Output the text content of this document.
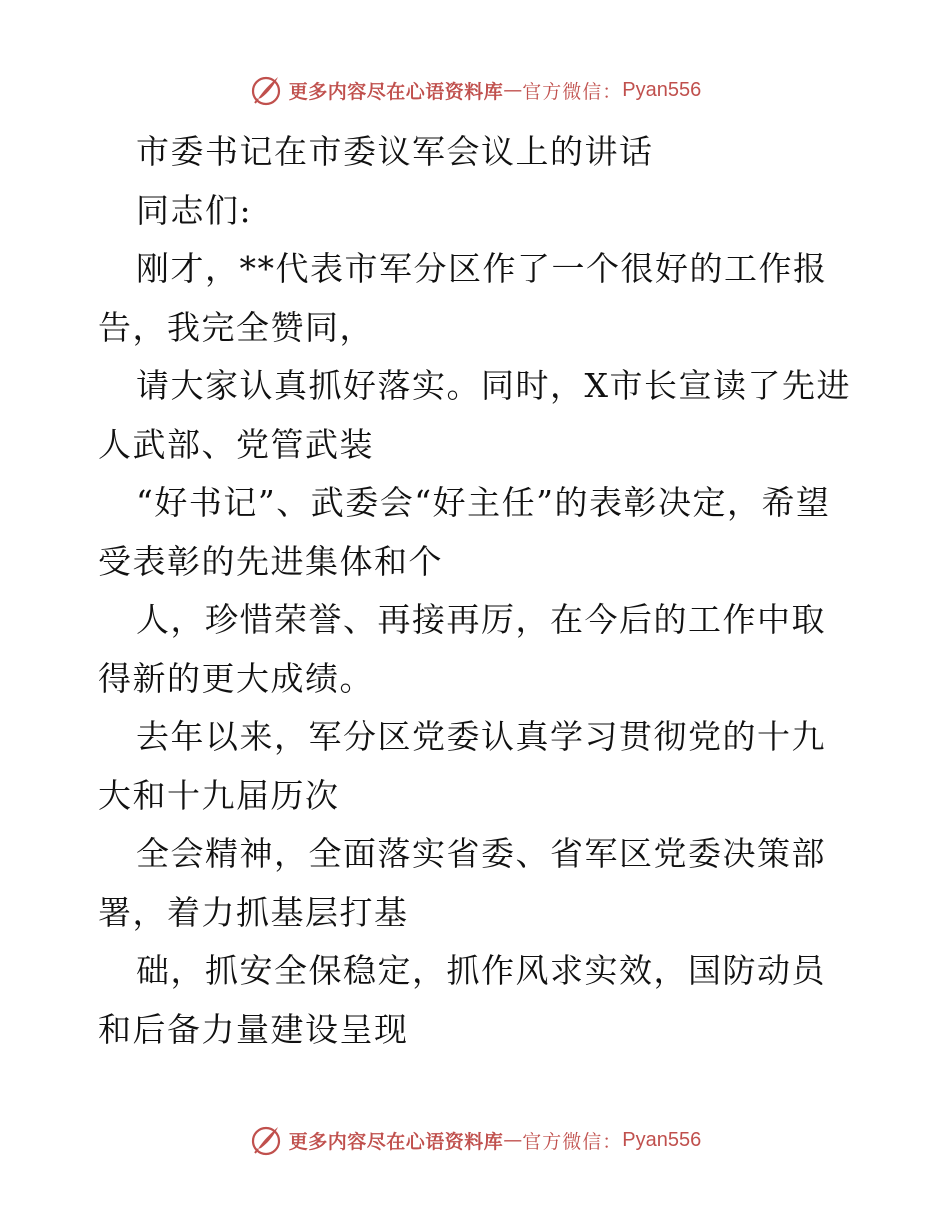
更多内容尽在心语资料库 — 官方微信： Pyan556

市委书记在市委议军会议上的讲话

同志们:

刚才，**代表市军分区作了一个很好的工作报告，我完全赞同，

请大家认真抓好落实。同时，X市长宣读了先进人武部、党管武装

“好书记”、武委会“好主任”的表彰决定，希望受表彰的先进集体和个

人，珍惜荣誉、再接再厉，在今后的工作中取得新的更大成绩。

去年以来，军分区党委认真学习贯彻党的十九大和十九届历次

全会精神，全面落实省委、省军区党委决策部署，着力抓基层打基

础，抓安全保稳定，抓作风求实效，国防动员和后备力量建设呈现

更多内容尽在心语资料库 — 官方微信： Pyan556
